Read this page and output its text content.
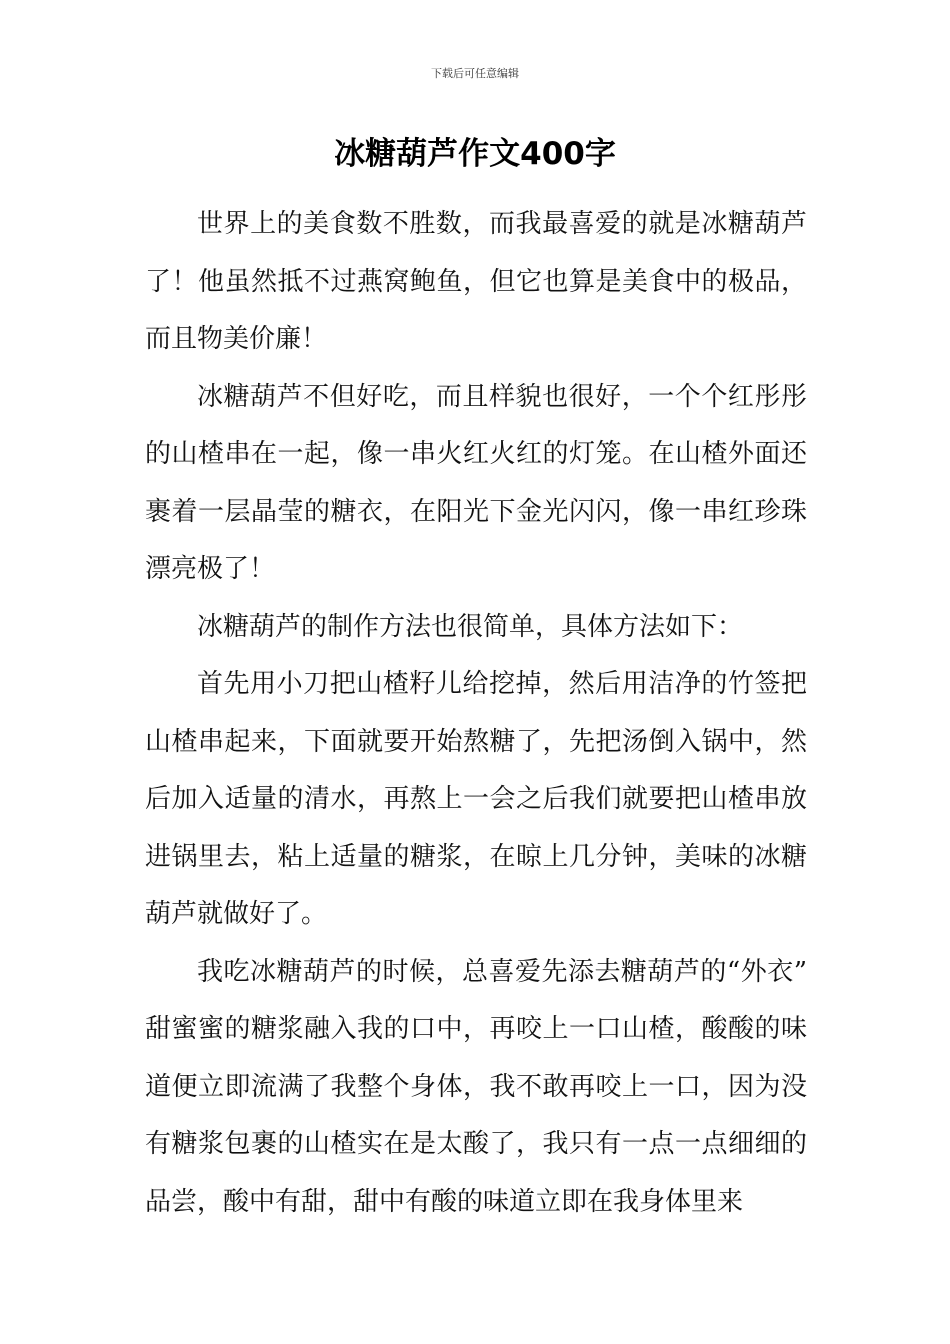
下载后可任意编辑
冰糖葫芦作文400字

世界上的美食数不胜数，而我最喜爱的就是冰糖葫芦了！他虽然抵不过燕窝鲍鱼，但它也算是美食中的极品，而且物美价廉！

冰糖葫芦不但好吃，而且样貌也很好，一个个红彤彤的山楂串在一起，像一串火红火红的灯笼。在山楂外面还裹着一层晶莹的糖衣，在阳光下金光闪闪，像一串红珍珠漂亮极了！

冰糖葫芦的制作方法也很简单，具体方法如下：

首先用小刀把山楂籽儿给挖掉，然后用洁净的竹签把山楂串起来，下面就要开始熬糖了，先把汤倒入锅中，然后加入适量的清水，再熬上一会之后我们就要把山楂串放进锅里去，粘上适量的糖浆，在晾上几分钟，美味的冰糖葫芦就做好了。

我吃冰糖葫芦的时候，总喜爱先添去糖葫芦的“外衣”甜蜜蜜的糖浆融入我的口中，再咬上一口山楂，酸酸的味道便立即流满了我整个身体，我不敢再咬上一口，因为没有糖浆包裹的山楂实在是太酸了，我只有一点一点细细的品尝，酸中有甜，甜中有酸的味道立即在我身体里来
